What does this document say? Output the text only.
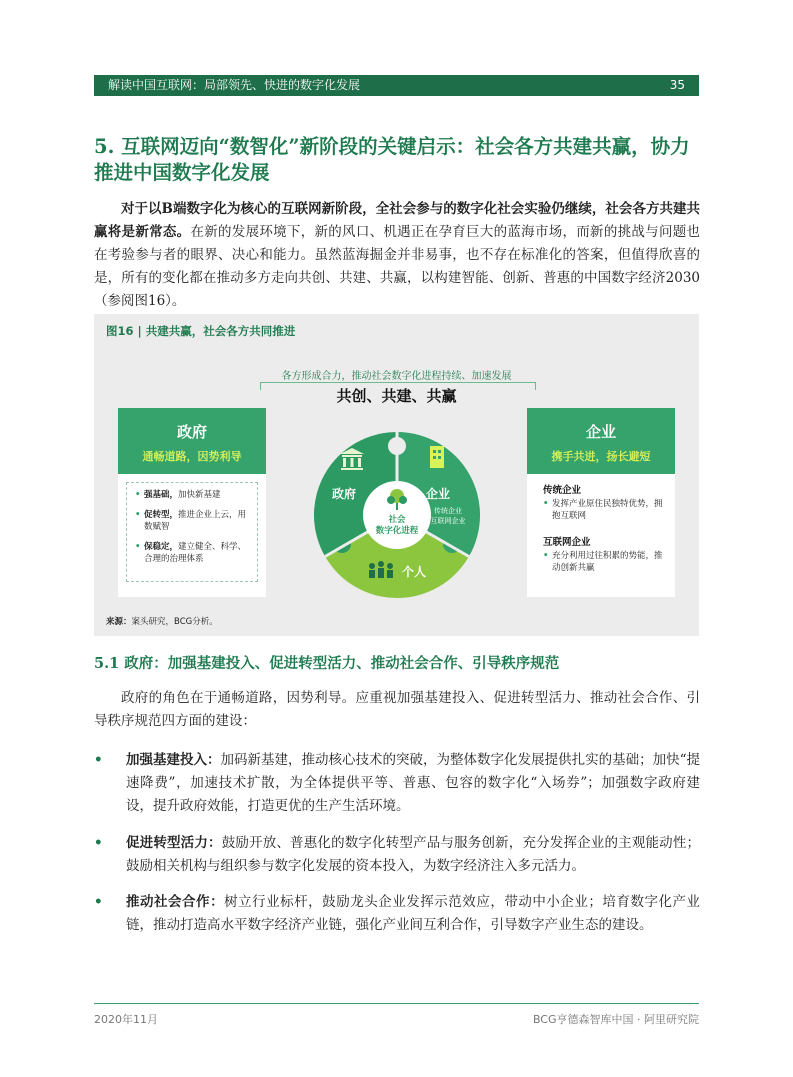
解读中国互联网：局部领先、快进的数字化发展	35
5. 互联网迈向“数智化”新阶段的关键启示：社会各方共建共赢，协力推进中国数字化发展
对于以B端数字化为核心的互联网新阶段，全社会参与的数字化社会实验仍继续，社会各方共建共赢将是新常态。在新的发展环境下，新的风口、机遇正在孕育巨大的蓝海市场，而新的挑战与问题也在考验参与者的眼界、决心和能力。虽然蓝海掘金并非易事，也不存在标准化的答案，但值得欣喜的是，所有的变化都在推动多方走向共创、共建、共赢，以构建智能、创新、普惠的中国数字经济2030（参阅图16）。
图16 | 共建共赢，社会各方共同推进
各方形成合力，推动社会数字化进程持续、加速发展
共创、共建、共赢
政府
通畅道路，因势利导
• 强基础，加快新基建
• 促转型，推进企业上云，用数赋智
• 保稳定，建立健全、科学、合理的治理体系
企业
携手共进，扬长避短
传统企业
• 发挥产业原住民独特优势，拥抱互联网
互联网企业
• 充分利用过往积累的势能，推动创新共赢
社会
数字化进程
政府	企业
传统企业
互联网企业
个人
来源：案头研究，BCG分析。
5.1 政府：加强基建投入、促进转型活力、推动社会合作、引导秩序规范
政府的角色在于通畅道路，因势利导。应重视加强基建投入、促进转型活力、推动社会合作、引导秩序规范四方面的建设：
• 加强基建投入：加码新基建，推动核心技术的突破，为整体数字化发展提供扎实的基础；加快“提速降费”，加速技术扩散，为全体提供平等、普惠、包容的数字化“入场券”；加强数字政府建设，提升政府效能，打造更优的生产生活环境。
• 促进转型活力：鼓励开放、普惠化的数字化转型产品与服务创新，充分发挥企业的主观能动性；鼓励相关机构与组织参与数字化发展的资本投入，为数字经济注入多元活力。
• 推动社会合作：树立行业标杆，鼓励龙头企业发挥示范效应，带动中小企业；培育数字化产业链，推动打造高水平数字经济产业链，强化产业间互利合作，引导数字产业生态的建设。
2020年11月	BCG亨德森智库中国 · 阿里研究院
